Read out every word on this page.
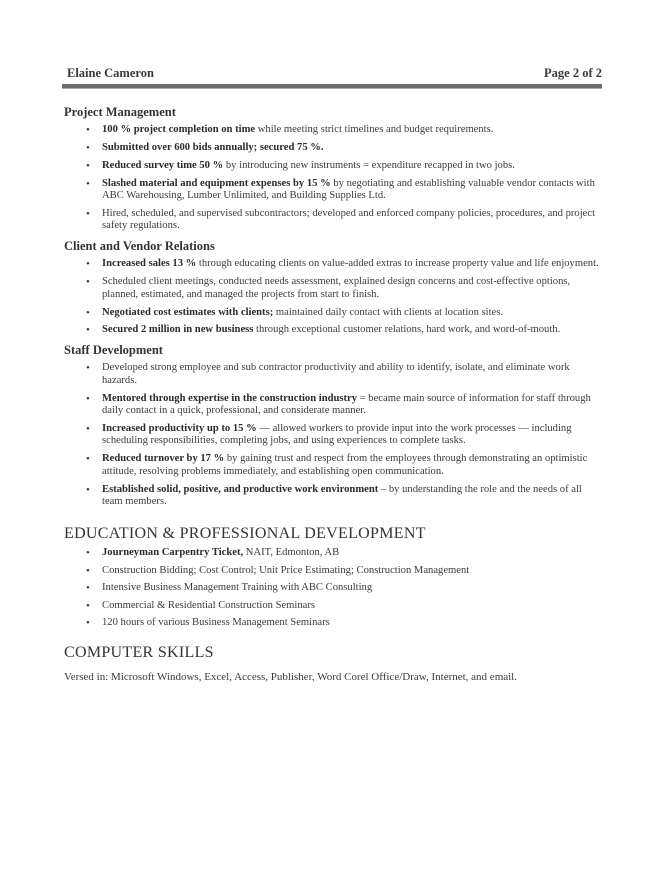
Elaine Cameron	Page 2 of 2
Project Management
• 100 % project completion on time while meeting strict timelines and budget requirements.
• Submitted over 600 bids annually; secured 75 %.
• Reduced survey time 50 % by introducing new instruments = expenditure recapped in two jobs.
• Slashed material and equipment expenses by 15 % by negotiating and establishing valuable vendor contacts with ABC Warehousing, Lumber Unlimited, and Building Supplies Ltd.
• Hired, scheduled, and supervised subcontractors; developed and enforced company policies, procedures, and project safety regulations.
Client and Vendor Relations
• Increased sales 13 % through educating clients on value-added extras to increase property value and life enjoyment.
• Scheduled client meetings, conducted needs assessment, explained design concerns and cost-effective options, planned, estimated, and managed the projects from start to finish.
• Negotiated cost estimates with clients; maintained daily contact with clients at location sites.
• Secured 2 million in new business through exceptional customer relations, hard work, and word-of-mouth.
Staff Development
• Developed strong employee and sub contractor productivity and ability to identify, isolate, and eliminate work hazards.
• Mentored through expertise in the construction industry = became main source of information for staff through daily contact in a quick, professional, and considerate manner.
• Increased productivity up to 15 % — allowed workers to provide input into the work processes — including scheduling responsibilities, completing jobs, and using experiences to complete tasks.
• Reduced turnover by 17 % by gaining trust and respect from the employees through demonstrating an optimistic attitude, resolving problems immediately, and establishing open communication.
• Established solid, positive, and productive work environment – by understanding the role and the needs of all team members.
EDUCATION & PROFESSIONAL DEVELOPMENT
• Journeyman Carpentry Ticket, NAIT, Edmonton, AB
• Construction Bidding; Cost Control; Unit Price Estimating; Construction Management
• Intensive Business Management Training with ABC Consulting
• Commercial & Residential Construction Seminars
• 120 hours of various Business Management Seminars
COMPUTER SKILLS

Versed in: Microsoft Windows, Excel, Access, Publisher, Word Corel Office/Draw, Internet, and email.
